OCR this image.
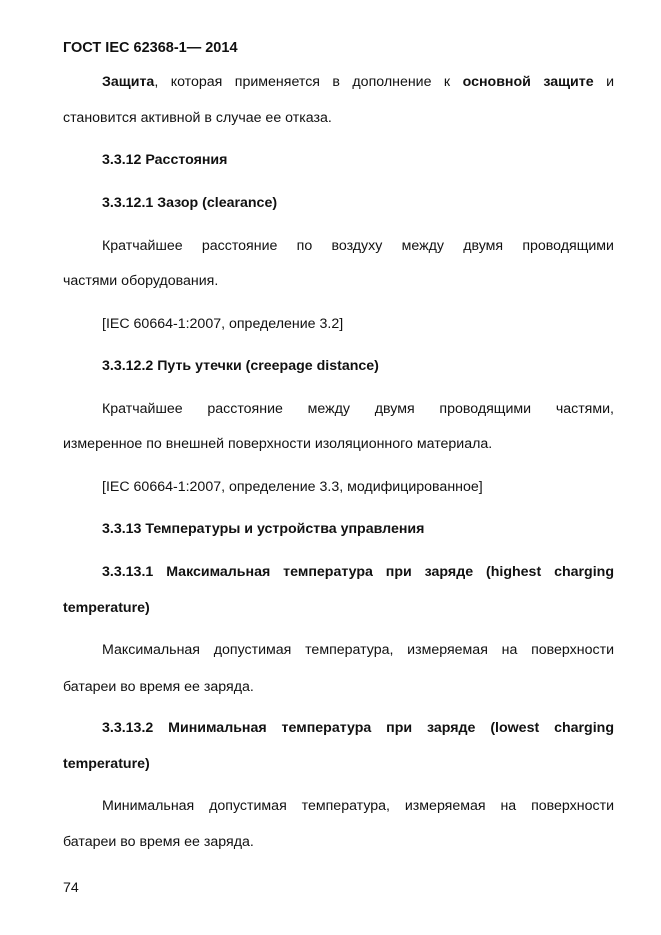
ГОСТ IEC 62368-1— 2014
Защита, которая применяется в дополнение к основной защите и
становится активной в случае ее отказа.
3.3.12 Расстояния
3.3.12.1 Зазор (clearance)
Кратчайшее расстояние по воздуху между двумя проводящими
частями оборудования.
[IEC 60664-1:2007, определение 3.2]
3.3.12.2 Путь утечки (creepage distance)
Кратчайшее расстояние между двумя проводящими частями,
измеренное по внешней поверхности изоляционного материала.
[IEC 60664-1:2007, определение 3.3, модифицированное]
3.3.13 Температуры и устройства управления
3.3.13.1 Максимальная температура при заряде (highest charging
temperature)
Максимальная допустимая температура, измеряемая на поверхности
батареи во время ее заряда.
3.3.13.2 Минимальная температура при заряде (lowest charging
temperature)
Минимальная допустимая температура, измеряемая на поверхности
батареи во время ее заряда.
74
